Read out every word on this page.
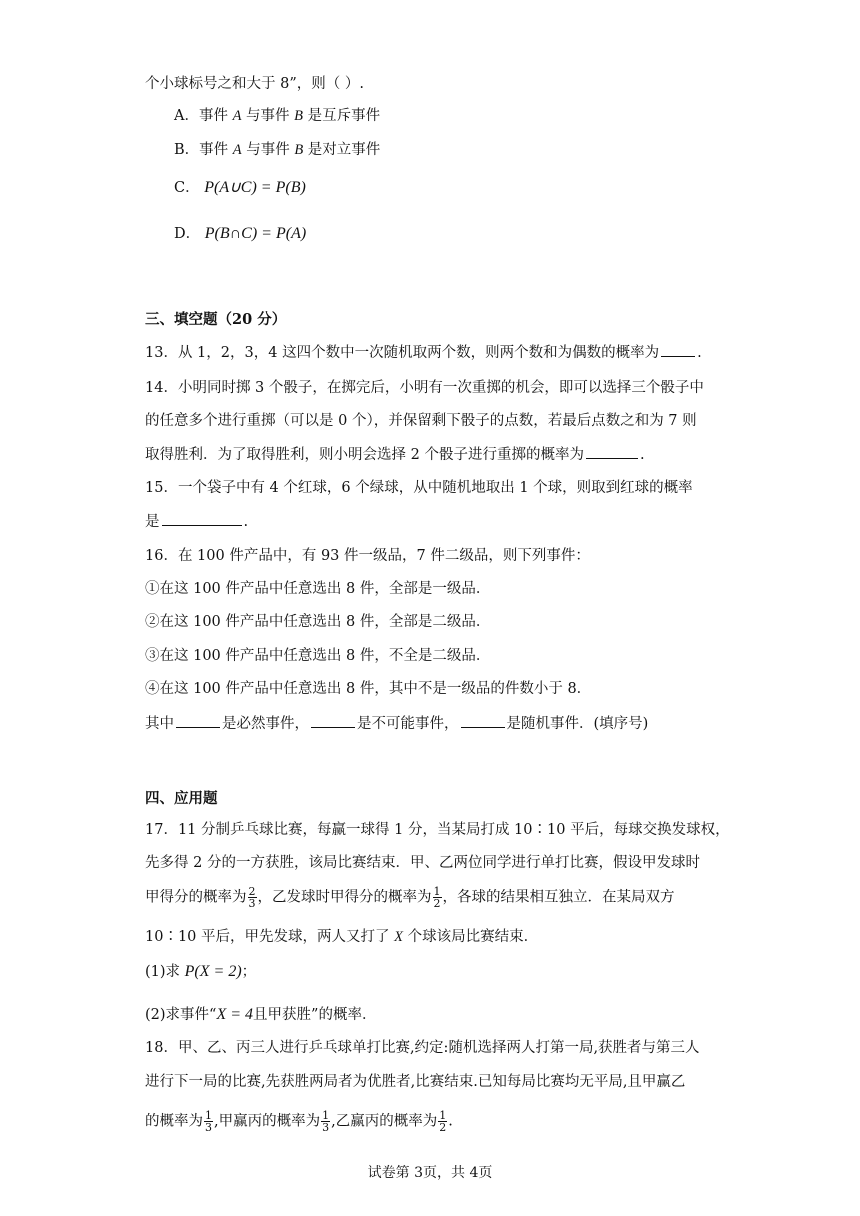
个小球标号之和大于 8”，则（ ）.
A．事件 A 与事件 B 是互斥事件
B．事件 A 与事件 B 是对立事件
C． P(A∪C) = P(B)
D． P(B∩C) = P(A)
三、填空题（20 分）
13．从 1，2，3，4 这四个数中一次随机取两个数，则两个数和为偶数的概率为	.
14．小明同时掷 3 个骰子，在掷完后，小明有一次重掷的机会，即可以选择三个骰子中
的任意多个进行重掷（可以是 0 个），并保留剩下骰子的点数，若最后点数之和为 7 则
取得胜利．为了取得胜利，则小明会选择 2 个骰子进行重掷的概率为	.
15．一个袋子中有 4 个红球，6 个绿球，从中随机地取出 1 个球，则取到红球的概率
是	.
16．在 100 件产品中，有 93 件一级品，7 件二级品，则下列事件：
①在这 100 件产品中任意选出 8 件，全部是一级品．
②在这 100 件产品中任意选出 8 件，全部是二级品．
③在这 100 件产品中任意选出 8 件，不全是二级品．
④在这 100 件产品中任意选出 8 件，其中不是一级品的件数小于 8．
其中	是必然事件，	是不可能事件，	是随机事件．(填序号)
四、应用题
17．11 分制乒乓球比赛，每赢一球得 1 分，当某局打成 10∶10 平后，每球交换发球权，
先多得 2 分的一方获胜，该局比赛结束．甲、乙两位同学进行单打比赛，假设甲发球时
甲得分的概率为 $\frac{2}{3}$ ，乙发球时甲得分的概率为 $\frac{1}{2}$ ，各球的结果相互独立．在某局双方
10∶10 平后，甲先发球，两人又打了 X 个球该局比赛结束．
(1)求 P(X = 2)；
(2)求事件“X = 4且甲获胜”的概率．
18．甲、乙、丙三人进行乒乓球单打比赛,约定:随机选择两人打第一局,获胜者与第三人
进行下一局的比赛,先获胜两局者为优胜者,比赛结束.已知每局比赛均无平局,且甲赢乙
的概率为 $\frac{1}{3}$ ,甲赢丙的概率为 $\frac{1}{3}$ ,乙赢丙的概率为 $\frac{1}{2}$ .
试卷第 3页，共 4页
